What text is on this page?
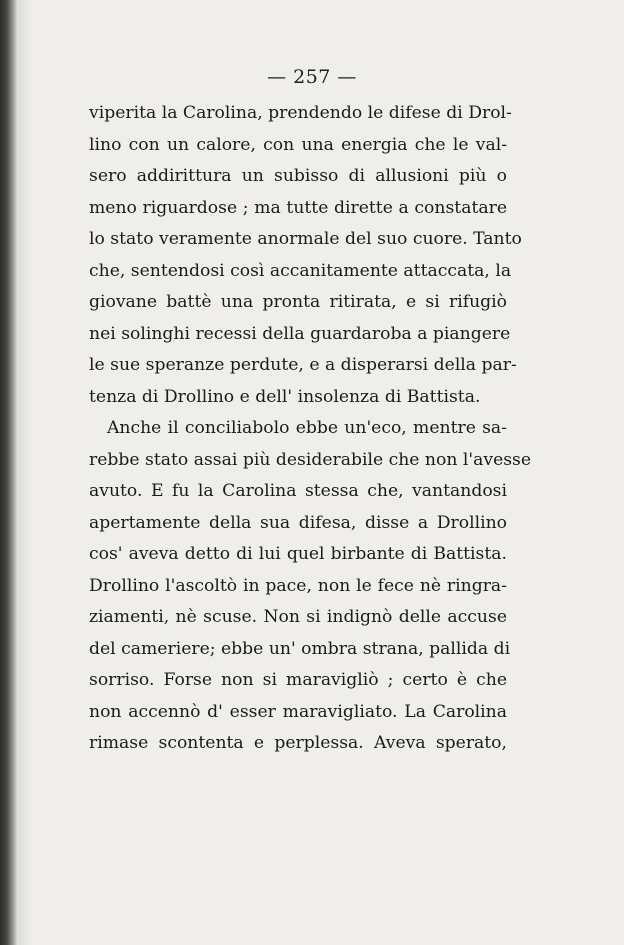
— 257 —
viperita la Carolina, prendendo le difese di Drol-
lino con un calore, con una energia che le val-
sero addirittura un subisso di allusioni più o
meno riguardose ; ma tutte dirette a constatare
lo stato veramente anormale del suo cuore. Tanto
che, sentendosi così accanitamente attaccata, la
giovane battè una pronta ritirata, e si rifugiò
nei solinghi recessi della guardaroba a piangere
le sue speranze perdute, e a disperarsi della par-
tenza di Drollino e dell' insolenza di Battista.
Anche il conciliabolo ebbe un'eco, mentre sa-
rebbe stato assai più desiderabile che non l'avesse
avuto. E fu la Carolina stessa che, vantandosi
apertamente della sua difesa, disse a Drollino
cos' aveva detto di lui quel birbante di Battista.
Drollino l'ascoltò in pace, non le fece nè ringra-
ziamenti, nè scuse. Non si indignò delle accuse
del cameriere; ebbe un' ombra strana, pallida di
sorriso. Forse non si maravigliò ; certo è che
non accennò d' esser maravigliato. La Carolina
rimase scontenta e perplessa. Aveva sperato,
